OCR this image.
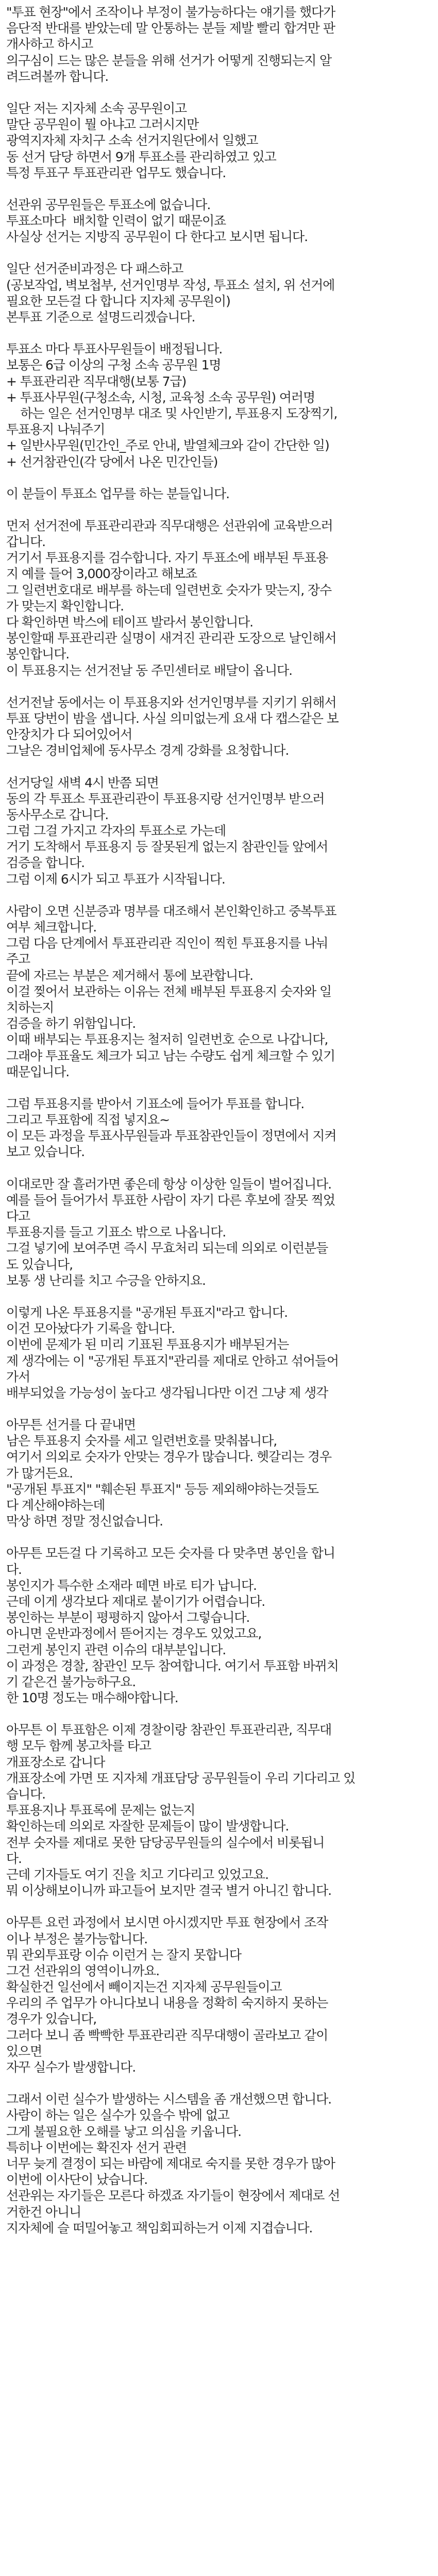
"투표 현장"에서 조작이나 부정이 불가능하다는 얘기를 했다가
음단적 반대를 받았는데 말 안통하는 분들 제발 빨리 합겨만 판
개사하고 하시고
의구심이 드는 많은 분들을 위해 선거가 어떻게 진행되는지 알
려드려볼까 합니다.
일단 저는 지자체 소속 공무원이고
말단 공무원이 뭘 아냐고 그러시지만
광역지자체 자치구 소속 선거지원단에서 일했고
동 선거 담당 하면서 9개 투표소를 관리하였고 있고
특정 투표구 투표관리관 업무도 했습니다.
선관위 공무원들은 투표소에 없습니다.
투표소마다  배치할 인력이 없기 때문이죠
사실상 선거는 지방직 공무원이 다 한다고 보시면 됩니다.
일단 선거준비과정은 다 패스하고
(공보작업, 벽보첩부, 선거인명부 작성, 투표소 설치, 위 선거에
필요한 모든걸 다 합니다 지자체 공무원이)
본투표 기준으로 설명드리겠습니다.
투표소 마다 투표사무원들이 배정됩니다.
보통은 6급 이상의 구청 소속 공무원 1명
+ 투표관리관 직무대행(보통 7급)
+ 투표사무원(구청소속, 시청, 교육청 소속 공무원) 여러명
하는 일은 선거인명부 대조 및 사인받기, 투표용지 도장찍기,
투표용지 나눠주기
+ 일반사무원(민간인_주로 안내, 발열체크와 같이 간단한 일)
+ 선거참관인(각 당에서 나온 민간인들)
이 분들이 투표소 업무를 하는 분들입니다.
먼저 선거전에 투표관리관과 직무대행은 선관위에 교육받으러
갑니다.
거기서 투표용지를 검수합니다. 자기 투표소에 배부된 투표용
지 예를 들어 3,000장이라고 해보죠
그 일련번호대로 배부를 하는데 일련번호 숫자가 맞는지, 장수
가 맞는지 확인합니다.
다 확인하면 박스에 테이프 발라서 봉인합니다.
봉인할때 투표관리관 실명이 새겨진 관리관 도장으로 날인해서
봉인합니다.
이 투표용지는 선거전날 동 주민센터로 배달이 옵니다.
선거전날 동에서는 이 투표용지와 선거인명부를 지키기 위해서
투표 당번이 밤을 샙니다. 사실 의미없는게 요새 다 캡스같은 보
안장치가 다 되어있어서
그날은 경비업체에 동사무소 경계 강화를 요청합니다.
선거당일 새벽 4시 반쯤 되면
동의 각 투표소 투표관리관이 투표용지랑 선거인명부 받으러
동사무소로 갑니다.
그럼 그걸 가지고 각자의 투표소로 가는데
거기 도착해서 투표용지 등 잘못된게 없는지 참관인들 앞에서
검증을 합니다.
그럼 이제 6시가 되고 투표가 시작됩니다.
사람이 오면 신분증과 명부를 대조해서 본인확인하고 중복투표
여부 체크합니다.
그럼 다음 단계에서 투표관리관 직인이 찍힌 투표용지를 나눠
주고
끝에 자르는 부분은 제거해서 통에 보관합니다.
이걸 찢어서 보관하는 이유는 전체 배부된 투표용지 숫자와 일
치하는지
검증을 하기 위함입니다.
이때 배부되는 투표용지는 철저히 일련번호 순으로 나갑니다,
그래야 투표율도 체크가 되고 남는 수량도 쉽게 체크할 수 있기
때문입니다.
그럼 투표용지를 받아서 기표소에 들어가 투표를 합니다.
그리고 투표함에 직접 넣지요~
이 모든 과정을 투표사무원들과 투표참관인들이 정면에서 지켜
보고 있습니다.
이대로만 잘 흘러가면 좋은데 항상 이상한 일들이 벌어집니다.
예를 들어 들어가서 투표한 사람이 자기 다른 후보에 잘못 찍었
다고
투표용지를 들고 기표소 밖으로 나옵니다.
그걸 넣기에 보여주면 즉시 무효처리 되는데 의외로 이런분들
도 있습니다,
보통 생 난리를 치고 수긍을 안하지요.
이렇게 나온 투표용지를 "공개된 투표지"라고 합니다.
이건 모아놨다가 기록을 합니다.
이번에 문제가 된 미리 기표된 투표용지가 배부된거는
제 생각에는 이 "공개된 투표지"관리를 제대로 안하고 섞어들어
가서
배부되었을 가능성이 높다고 생각됩니다만 이건 그냥 제 생각
아무튼 선거를 다 끝내면
남은 투표용지 숫자를 세고 일련번호를 맞춰봅니다,
여기서 의외로 숫자가 안맞는 경우가 많습니다. 헷갈리는 경우
가 많거든요.
"공개된 투표지" "훼손된 투표지" 등등 제외해야하는것들도
다 계산해야하는데
막상 하면 정말 정신없습니다.
아무튼 모든걸 다 기록하고 모든 숫자를 다 맞추면 봉인을 합니
다.
봉인지가 특수한 소재라 떼면 바로 티가 납니다.
근데 이게 생각보다 제대로 붙이기가 어렵습니다.
봉인하는 부분이 평평하지 않아서 그렇습니다.
아니면 운반과정에서 뜯어지는 경우도 있었고요,
그런게 봉인지 관련 이슈의 대부분입니다.
이 과정은 경찰, 참관인 모두 참여합니다. 여기서 투표함 바뀌치
기 같은건 불가능하구요.
한 10명 정도는 매수해야합니다.
아무튼 이 투표함은 이제 경찰이랑 참관인 투표관리관, 직무대
행 모두 함께 봉고차를 타고
개표장소로 갑니다
개표장소에 가면 또 지자체 개표담당 공무원들이 우리 기다리고 있
습니다.
투표용지나 투표록에 문제는 없는지
확인하는데 의외로 자잘한 문제들이 많이 발생합니다.
전부 숫자를 제대로 못한 담당공무원들의 실수에서 비롯됩니
다.
근데 기자들도 여기 진을 치고 기다리고 있었고요.
뭐 이상해보이니까 파고들어 보지만 결국 별거 아니긴 합니다.
아무튼 요런 과정에서 보시면 아시겠지만 투표 현장에서 조작
이나 부정은 불가능합니다.
뭐 관외투표랑 이슈 이런거 는 잘지 못합니다
그건 선관위의 영역이니까요.
확실한건 일선에서 빼이지는건 지자체 공무원들이고
우리의 주 업무가 아니다보니 내용을 정확히 숙지하지 못하는
경우가 있습니다,
그러다 보니 좀 빡빡한 투표관리관 직무대행이 골라보고 같이
있으면
자꾸 실수가 발생합니다.
그래서 이런 실수가 발생하는 시스템을 좀 개선했으면 합니다.
사람이 하는 일은 실수가 있을수 밖에 없고
그게 불필요한 오해를 낳고 의심을 키웁니다.
특히나 이번에는 확진자 선거 관련
너무 늦게 결정이 되는 바람에 제대로 숙지를 못한 경우가 많아
이번에 이사단이 났습니다.
선관위는 자기들은 모른다 하겠죠 자기들이 현장에서 제대로 선
거한건 아니니
지자체에 슬 떠밀어놓고 책임회피하는거 이제 지겹습니다.
